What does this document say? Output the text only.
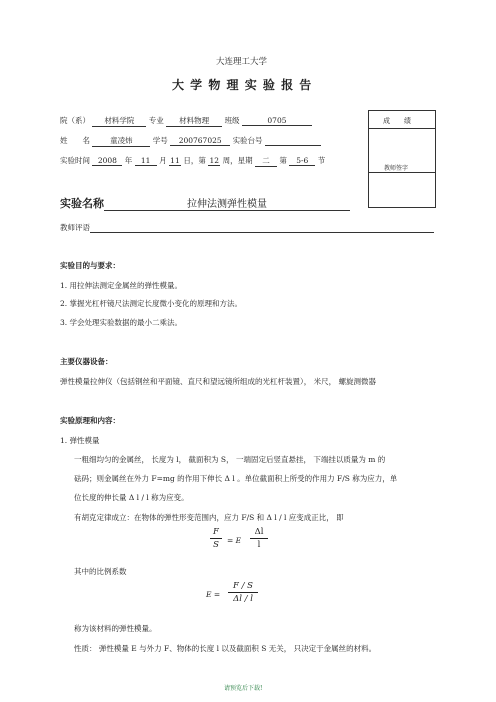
大连理工大学
大 学 物 理 实 验 报 告
院（系） 材料学院 专业 材料物理 班级	0705
姓　　名	童凌炜	学号 200767025 实验台号
实验时间 2008 年 11 月 11 日，第 12 周，星期 二 第 5-6 节
成　　绩
教师签字
实验名称	拉伸法测弹性模量
教师评语
实验目的与要求：
1. 用拉伸法测定金属丝的弹性模量。
2. 掌握光杠杆镜尺法测定长度微小变化的原理和方法。
3. 学会处理实验数据的最小二乘法。
主要仪器设备：
弹性模量拉伸仪（包括钢丝和平面镜、直尺和望远镜所组成的光杠杆装置）， 米尺， 螺旋测微器
实验原理和内容：
1. 弹性模量
一粗细均匀的金属丝， 长度为 l， 截面积为 S， 一端固定后竖直悬挂， 下端挂以质量为 m 的
砝码；则金属丝在外力 F=mg 的作用下伸长 Δ l 。单位截面积上所受的作用力 F/S 称为应力，单
位长度的伸长量 Δ l / l 称为应变。
有胡克定律成立：在物体的弹性形变范围内，应力 F/S 和 Δ l / l 应变成正比， 即
F
S	= E
Δl
l
其中的比例系数
E =
F / S
Δl / l
称为该材料的弹性模量。
性质： 弹性模量 E 与外力 F、物体的长度 l 以及截面积 S 无关， 只决定于金属丝的材料。
请预览后下载!
